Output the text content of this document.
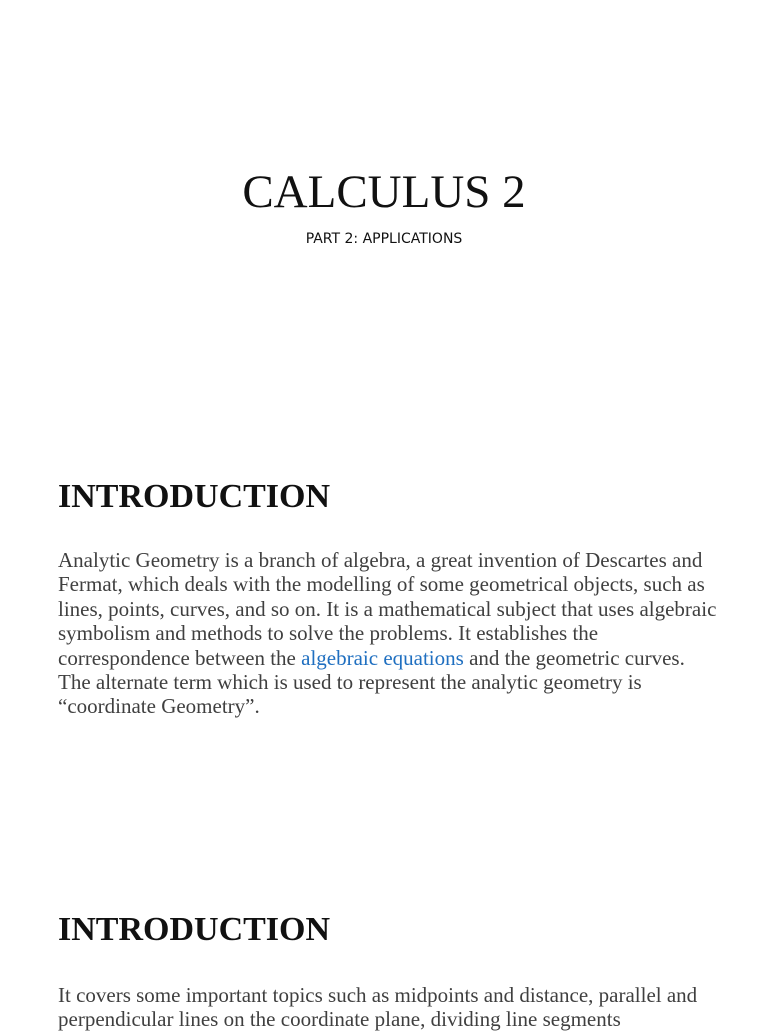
CALCULUS 2

PART 2: APPLICATIONS

INTRODUCTION

Analytic Geometry is a branch of algebra, a great invention of Descartes and Fermat, which deals with the modelling of some geometrical objects, such as lines, points, curves, and so on. It is a mathematical subject that uses algebraic symbolism and methods to solve the problems. It establishes the correspondence between the algebraic equations and the geometric curves. The alternate term which is used to represent the analytic geometry is “coordinate Geometry”.

INTRODUCTION

It covers some important topics such as midpoints and distance, parallel and perpendicular lines on the coordinate plane, dividing line segments
